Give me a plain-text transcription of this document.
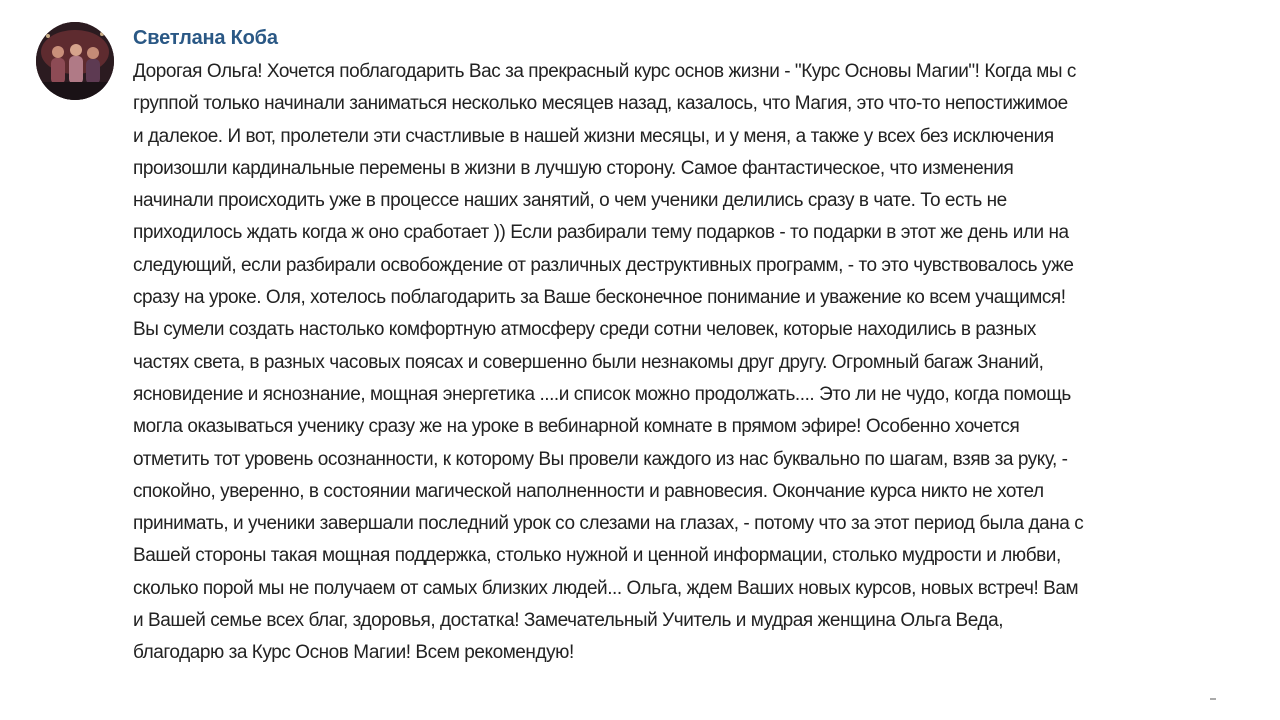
Светлана Коба
Дорогая Ольга! Хочется поблагодарить Вас за прекрасный курс основ жизни - "Курс Основы Магии"! Когда мы с
группой только начинали заниматься несколько месяцев назад, казалось, что Магия, это что-то непостижимое
и далекое. И вот, пролетели эти счастливые в нашей жизни месяцы, и у меня, а также у всех без исключения
произошли кардинальные перемены в жизни в лучшую сторону. Самое фантастическое, что изменения
начинали происходить уже в процессе наших занятий, о чем ученики делились сразу в чате. То есть не
приходилось ждать когда ж оно сработает )) Если разбирали тему подарков - то подарки в этот же день или на
следующий, если разбирали освобождение от различных деструктивных программ, - то это чувствовалось уже
сразу на уроке. Оля, хотелось поблагодарить за Ваше бесконечное понимание и уважение ко всем учащимся!
Вы сумели создать настолько комфортную атмосферу среди сотни человек, которые находились в разных
частях света, в разных часовых поясах и совершенно были незнакомы друг другу. Огромный багаж Знаний,
ясновидение и яснознание, мощная энергетика ....и список можно продолжать.... Это ли не чудо, когда помощь
могла оказываться ученику сразу же на уроке в вебинарной комнате в прямом эфире! Особенно хочется
отметить тот уровень осознанности, к которому Вы провели каждого из нас буквально по шагам, взяв за руку, -
спокойно, уверенно, в состоянии магической наполненности и равновесия. Окончание курса никто не хотел
принимать, и ученики завершали последний урок со слезами на глазах, - потому что за этот период была дана с
Вашей стороны такая мощная поддержка, столько нужной и ценной информации, столько мудрости и любви,
сколько порой мы не получаем от самых близких людей... Ольга, ждем Ваших новых курсов, новых встреч! Вам
и Вашей семье всех благ, здоровья, достатка! Замечательный Учитель и мудрая женщина Ольга Веда,
благодарю за Курс Основ Магии! Всем рекомендую!
